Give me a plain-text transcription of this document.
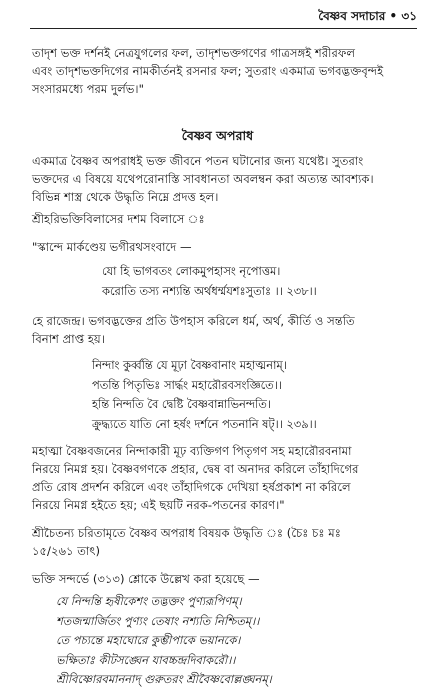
বৈষ্ণব সদাচার • ৩১
তাদৃশ ভক্ত দর্শনই নেত্রযুগলের ফল, তাদৃশভক্তগণের গাত্রসঙ্গই শরীরফল
এবং তাদৃশভক্তদিগের নামকীর্তনই রসনার ফল; সুতরাং একমাত্র ভগবদ্ভক্তবৃন্দই
সংসারমধ্যে পরম দুর্লভ।"
বৈষ্ণব অপরাধ
একমাত্র বৈষ্ণব অপরাধই ভক্ত জীবনে পতন ঘটানোর জন্য যথেষ্ট। সুতরাং
ভক্তদের এ বিষয়ে যথেপরোনাস্তি সাবধানতা অবলম্বন করা অত্যন্ত আবশ্যক।
বিভিন্ন শাস্ত্র থেকে উদ্ধৃতি নিম্নে প্রদত্ত হল।
শ্রীহরিভক্তিবিলাসের দশম বিলাসে ঃ
"স্কান্দে মার্কণ্ডেয় ভগীরথসংবাদে —
যো হি ভাগবতং লোকমুপহাসং নৃপোত্তম।
করোতি তস্য নশ্যন্তি অর্থধর্ম্মযশঃসুতাঃ ।। ২৩৮।।
হে রাজেন্দ্র। ভগবদ্ভক্তের প্রতি উপহাস করিলে ধর্ম, অর্থ, কীর্তি ও সন্ততি
বিনাশ প্রাপ্ত হয়।
নিন্দাং কুর্ব্বন্তি যে মূঢ়া বৈষ্ণবানাং মহাত্মনাম্।
পতন্তি পিতৃভিঃ সার্দ্ধং মহারৌরবসংজ্ঞিতে।।
হন্তি নিন্দতি বৈ দ্বেষ্টি বৈষ্ণবান্নাভিনন্দতি।
ক্রুদ্ধ্যতে যাতি নো হর্ষং দর্শনে পতনানি ষট্।। ২৩৯।।
মহাত্মা বৈষ্ণবজনের নিন্দাকারী মূঢ় ব্যক্তিগণ পিতৃগণ সহ মহারৌরবনামা
নিরয়ে নিমগ্ন হয়। বৈষ্ণবগণকে প্রহার, দ্বেষ বা অনাদর করিলে তাঁহাদিগের
প্রতি রোষ প্রদর্শন করিলে এবং তাঁহাদিগকে দেখিয়া হর্ষপ্রকাশ না করিলে
নিরয়ে নিমগ্ন হইতে হয়; এই ছয়টি নরক-পতনের কারণ।"
শ্রীচৈতন্য চরিতামৃতে বৈষ্ণব অপরাধ বিষয়ক উদ্ধৃতি ঃ (চৈঃ চঃ মঃ
১৫/২৬১ তাৎ)
ভক্তি সন্দর্ভে (৩১৩) শ্লোকে উল্লেখ করা হয়েছে —
যে নিন্দন্তি হৃষীকেশং তদ্ভক্তং পুণ্যরূপিণম্।
শতজন্মার্জিতং পুণ্যং তেষাং নশ্যতি নিশ্চিতম্।।
তে পচ্যন্তে মহাঘোরে কুম্ভীপাকে ভয়ানকে।
ভক্ষিতাঃ কীটসঙ্ঘেন যাবচ্চন্দ্রদিবাকরৌ।।
শ্রীবিষ্ণোরবমাননাদ্ গুরুতরং শ্রীবৈষ্ণবোল্লঙ্ঘনম্।
